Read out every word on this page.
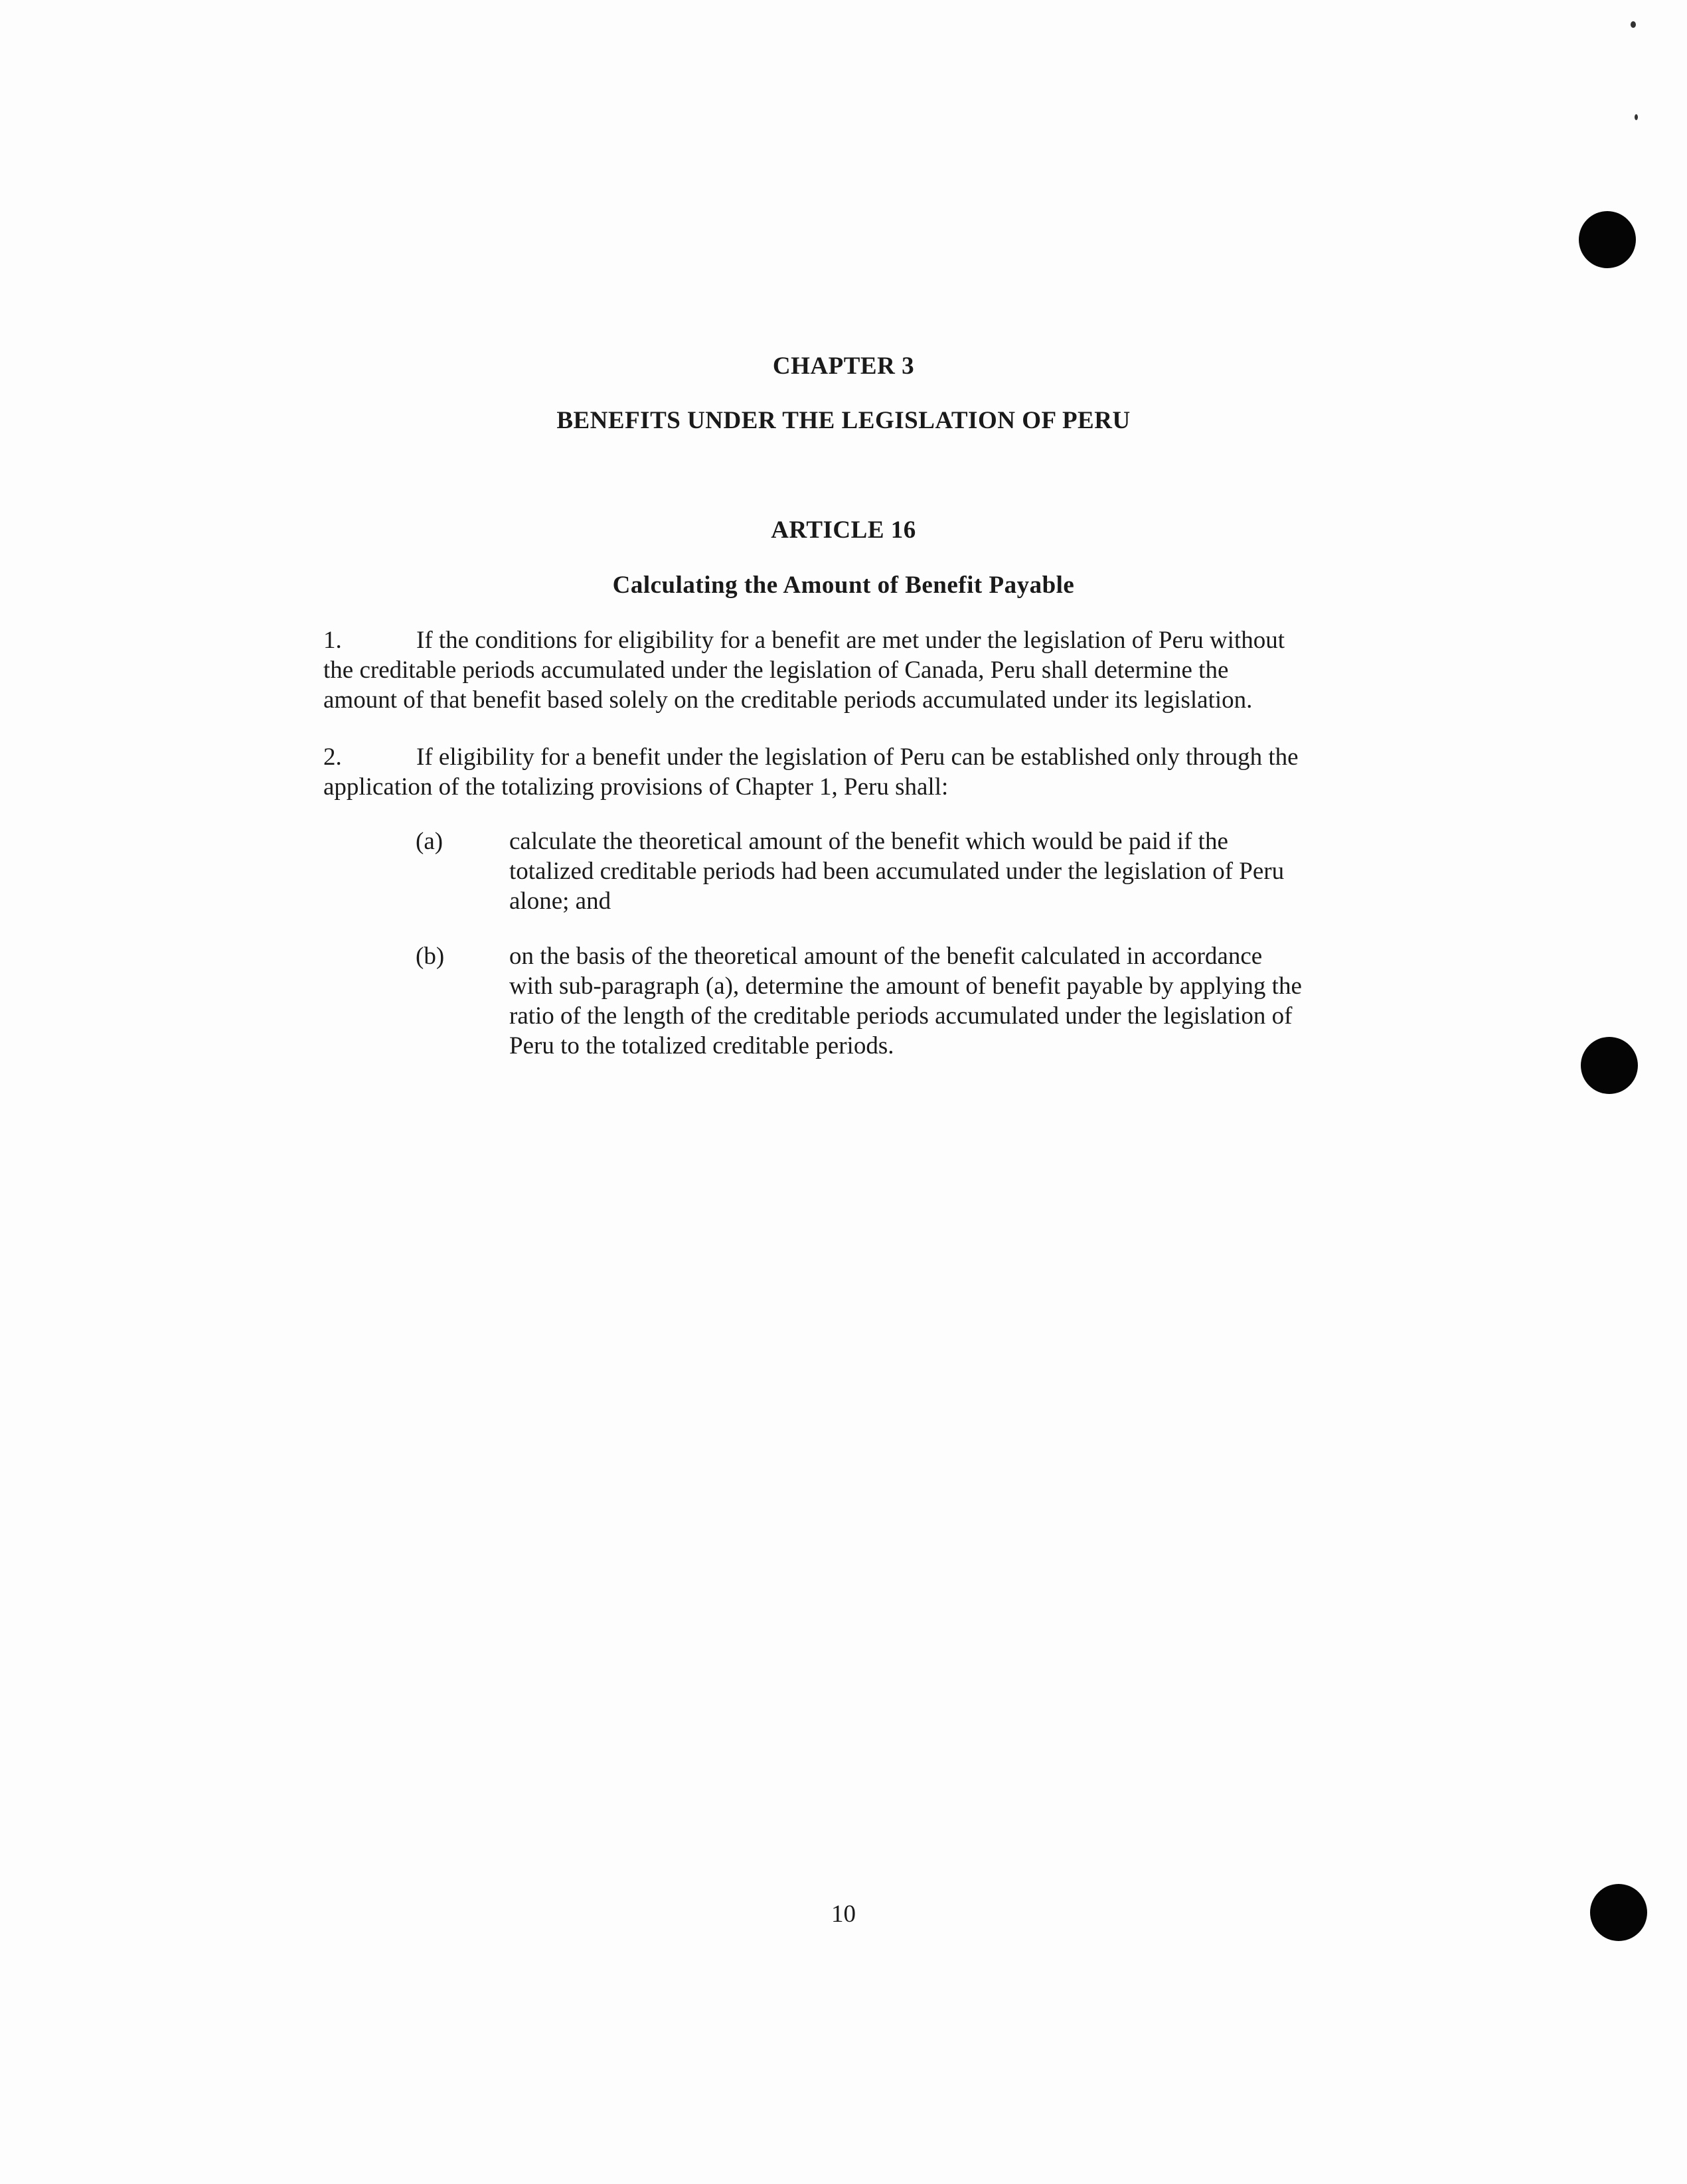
CHAPTER 3
BENEFITS UNDER THE LEGISLATION OF PERU
ARTICLE 16
Calculating the Amount of Benefit Payable
1.	If the conditions for eligibility for a benefit are met under the legislation of Peru without
the creditable periods accumulated under the legislation of Canada, Peru shall determine the
amount of that benefit based solely on the creditable periods accumulated under its legislation.
2.	If eligibility for a benefit under the legislation of Peru can be established only through the
application of the totalizing provisions of Chapter 1, Peru shall:
(a)	calculate the theoretical amount of the benefit which would be paid if the
totalized creditable periods had been accumulated under the legislation of Peru
alone; and
(b)	on the basis of the theoretical amount of the benefit calculated in accordance
with sub-paragraph (a), determine the amount of benefit payable by applying the
ratio of the length of the creditable periods accumulated under the legislation of
Peru to the totalized creditable periods.
10
